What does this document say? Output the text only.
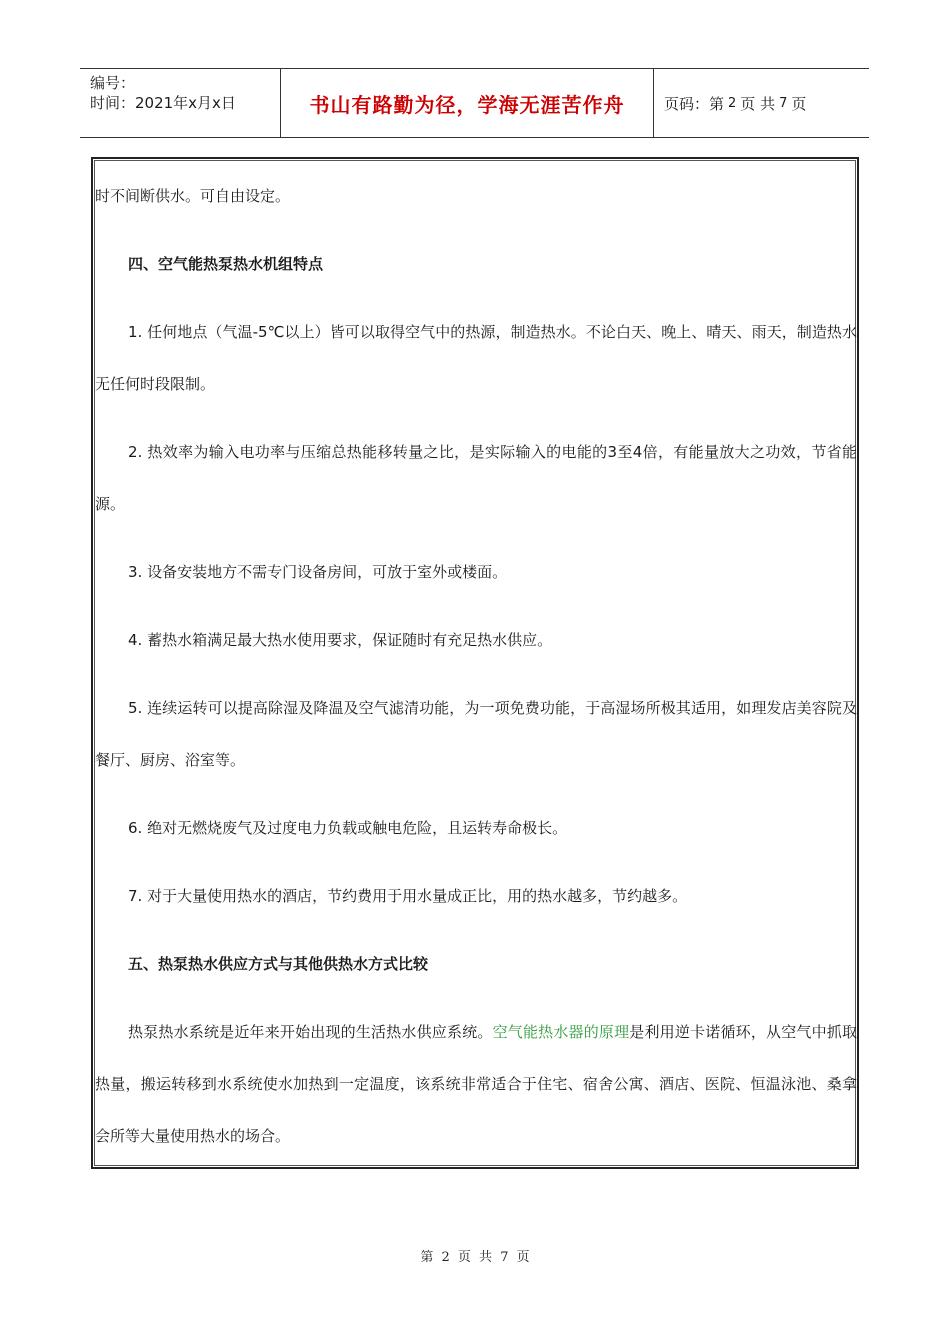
编号：
时间：2021年x月x日	书山有路勤为径，学海无涯苦作舟	页码：第 2 页 共 7 页

时不间断供水。可自由设定。

四、空气能热泵热水机组特点

1. 任何地点（气温-5℃以上）皆可以取得空气中的热源，制造热水。不论白天、晚上、晴天、雨天，制造热水无任何时段限制。

2. 热效率为输入电功率与压缩总热能移转量之比，是实际输入的电能的3至4倍，有能量放大之功效，节省能源。

3. 设备安装地方不需专门设备房间，可放于室外或楼面。

4. 蓄热水箱满足最大热水使用要求，保证随时有充足热水供应。

5. 连续运转可以提高除湿及降温及空气滤清功能，为一项免费功能，于高湿场所极其适用，如理发店美容院及餐厅、厨房、浴室等。

6. 绝对无燃烧废气及过度电力负载或触电危险，且运转寿命极长。

7. 对于大量使用热水的酒店，节约费用于用水量成正比，用的热水越多，节约越多。

五、热泵热水供应方式与其他供热水方式比较

热泵热水系统是近年来开始出现的生活热水供应系统。空气能热水器的原理是利用逆卡诺循环，从空气中抓取热量，搬运转移到水系统使水加热到一定温度，该系统非常适合于住宅、宿舍公寓、酒店、医院、恒温泳池、桑拿会所等大量使用热水的场合。

第 2 页 共 7 页
